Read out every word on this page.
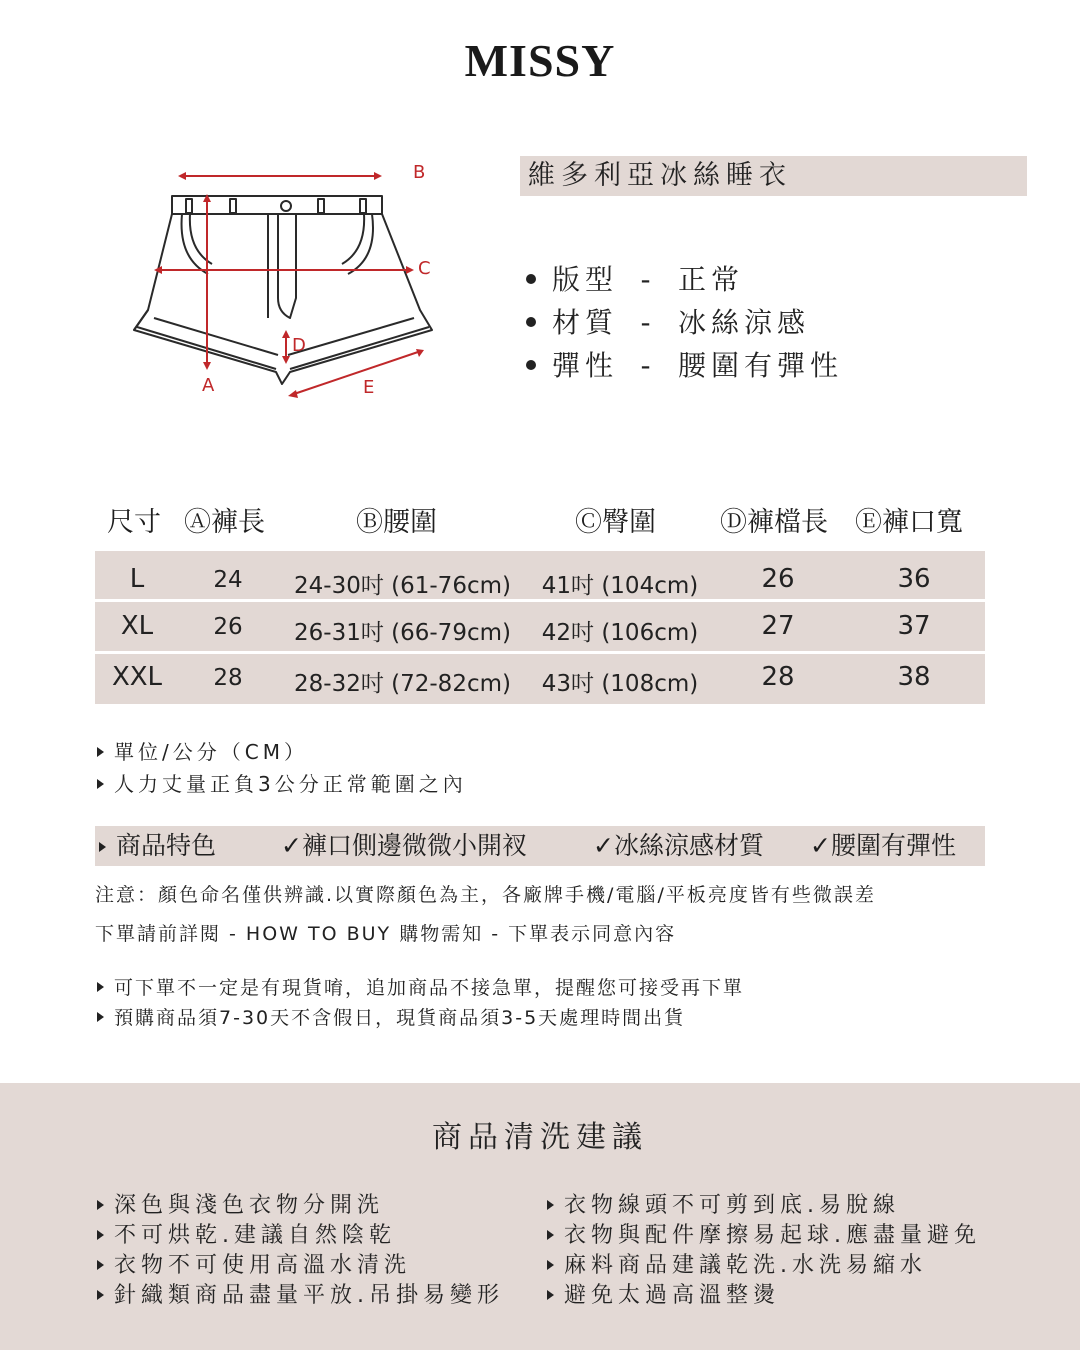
MISSY
B
C
D
A	E
維多利亞冰絲睡衣
版型 - 正常
材質 - 冰絲涼感
彈性 - 腰圍有彈性
尺寸 Ⓐ褲長	Ⓑ腰圍	Ⓒ臀圍 Ⓓ褲檔長 Ⓔ褲口寬
L	24	24-30吋 (61-76cm)	41吋 (104cm)	26	36
XL	26	26-31吋 (66-79cm)	42吋 (106cm)	27	37
XXL	28	28-32吋 (72-82cm)	43吋 (108cm)	28	38
單位/公分（CM）
人力丈量正負3公分正常範圍之內
商品特色	✓褲口側邊微微小開衩	✓冰絲涼感材質 ✓腰圍有彈性
注意：顏色命名僅供辨識.以實際顏色為主，各廠牌手機/電腦/平板亮度皆有些微誤差
下單請前詳閱 - HOW TO BUY 購物需知 - 下單表示同意內容
可下單不一定是有現貨唷，追加商品不接急單，提醒您可接受再下單
預購商品須7-30天不含假日，現貨商品須3-5天處理時間出貨
商品清洗建議
深色與淺色衣物分開洗
不可烘乾.建議自然陰乾
衣物不可使用高溫水清洗
針織類商品盡量平放.吊掛易變形
衣物線頭不可剪到底.易脫線
衣物與配件摩擦易起球.應盡量避免
麻料商品建議乾洗.水洗易縮水
避免太過高溫整燙
